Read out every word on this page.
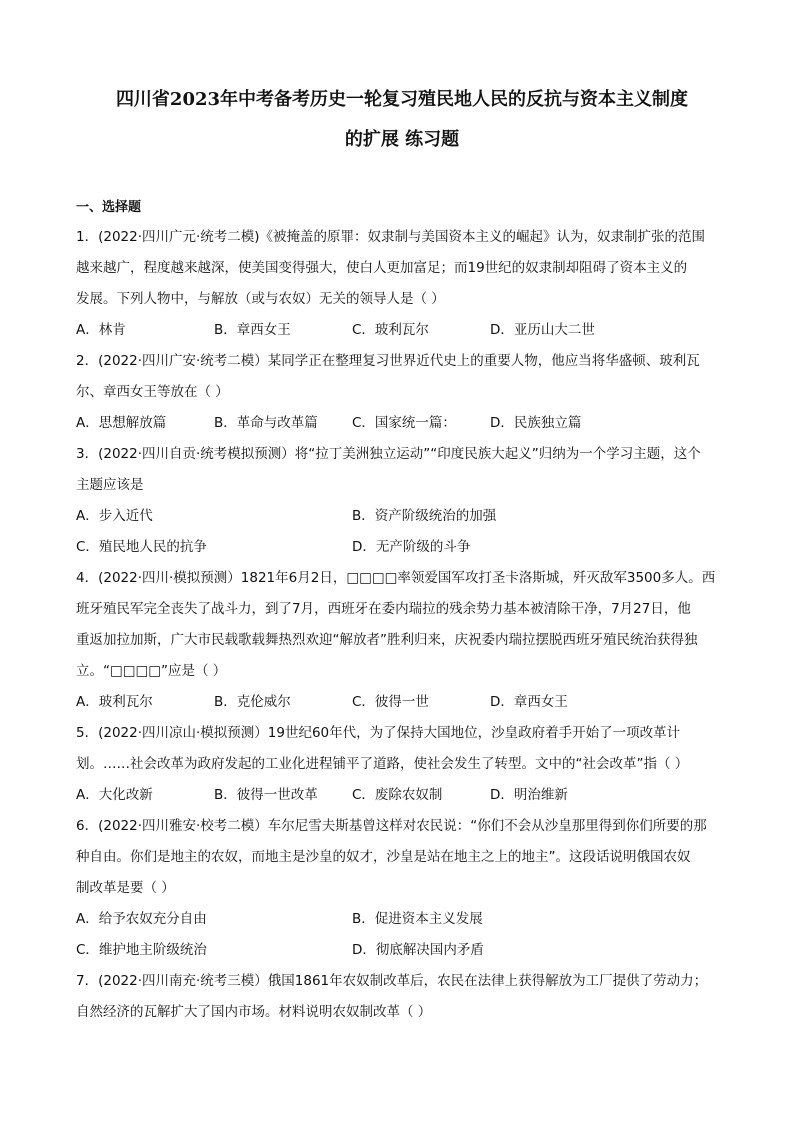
四川省2023年中考备考历史一轮复习殖民地人民的反抗与资本主义制度
的扩展 练习题
一、选择题

1．(2022·四川广元·统考二模)《被掩盖的原罪：奴隶制与美国资本主义的崛起》认为，奴隶制扩张的范围

越来越广，程度越来越深，使美国变得强大，使白人更加富足；而19世纪的奴隶制却阻碍了资本主义的

发展。下列人物中，与解放（或与农奴）无关的领导人是（ ）

A．林肯	B．章西女王	C．玻利瓦尔	D．亚历山大二世

2．(2022·四川广安·统考二模）某同学正在整理复习世界近代史上的重要人物，他应当将华盛顿、玻利瓦

尔、章西女王等放在（ ）

A．思想解放篇	B．革命与改革篇	C．国家统一篇：	D．民族独立篇

3．(2022·四川自贡·统考模拟预测）将“拉丁美洲独立运动”“印度民族大起义”归纳为一个学习主题，这个

主题应该是

A．步入近代	B．资产阶级统治的加强
C．殖民地人民的抗争	D．无产阶级的斗争

4．(2022·四川·模拟预测）1821年6月2日，□□□□率领爱国军攻打圣卡洛斯城，歼灭敌军3500多人。西

班牙殖民军完全丧失了战斗力，到了7月，西班牙在委内瑞拉的残余势力基本被清除干净，7月27日，他

重返加拉加斯，广大市民载歌载舞热烈欢迎“解放者”胜利归来，庆祝委内瑞拉摆脱西班牙殖民统治获得独

立。“□□□□”应是（ ）

A．玻利瓦尔	B．克伦威尔	C．彼得一世	D．章西女王

5．(2022·四川凉山·模拟预测）19世纪60年代，为了保持大国地位，沙皇政府着手开始了一项改革计

划。……社会改革为政府发起的工业化进程铺平了道路，使社会发生了转型。文中的“社会改革”指（ ）

A．大化改新	B．彼得一世改革	C．废除农奴制	D．明治维新

6．(2022·四川雅安·校考二模）车尔尼雪夫斯基曾这样对农民说：“你们不会从沙皇那里得到你们所要的那

种自由。你们是地主的农奴，而地主是沙皇的奴才，沙皇是站在地主之上的地主”。这段话说明俄国农奴

制改革是要（ ）

A．给予农奴充分自由	B．促进资本主义发展
C．维护地主阶级统治	D．彻底解决国内矛盾

7．(2022·四川南充·统考三模）俄国1861年农奴制改革后，农民在法律上获得解放为工厂提供了劳动力；

自然经济的瓦解扩大了国内市场。材料说明农奴制改革（ ）
